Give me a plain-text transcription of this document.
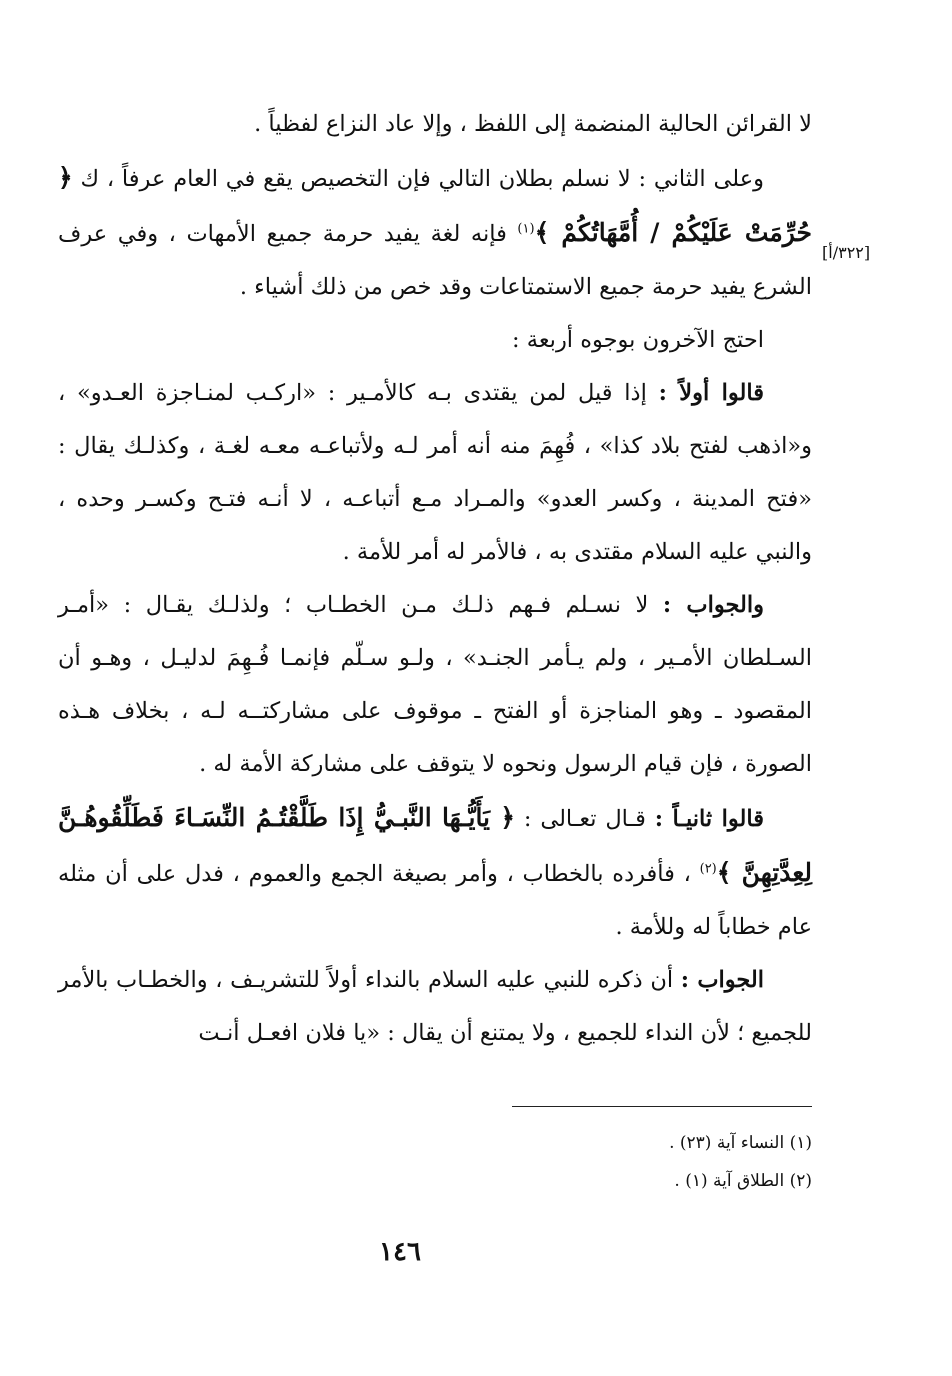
[٣٢٢/أ]

لا القرائن الحالية المنضمة إلى اللفظ ، وإلا عاد النزاع لفظياً .

وعلى الثاني : لا نسلم بطلان التالي فإن التخصيص يقع في العام عرفاً ، ك ﴿ حُرِّمَتْ عَلَيْكُمْ / أُمَّهَاتُكُمْ ﴾$^{(١)}$ فإنه لغة يفيد حرمة جميع الأمهات ، وفي عرف الشرع يفيد حرمة جميع الاستمتاعات وقد خص من ذلك أشياء .

احتج الآخرون بوجوه أربعة :

قالوا أولاً : إذا قيل لمن يقتدى بـه كالأمـير : «اركـب لمنـاجزة العـدو» ، و«اذهب لفتح بلاد كذا» ، فُهِمَ منه أنه أمر لـه ولأتباعـه معـه لغـة ، وكذلـك يقال : «فتح المدينة ، وكسر العدو» والمـراد مـع أتباعـه ، لا أنـه فتـح وكسـر وحده ، والنبي عليه السلام مقتدى به ، فالأمر له أمر للأمة .

والجواب : لا نسـلم فـهم ذلـك مـن الخطـاب ؛ ولذلـك يقـال : «أمـر السـلطان الأمـير ، ولم يـأمر الجنـد» ، ولـو سـلّم فإنمـا فُـهِمَ لدليـل ، وهـو أن المقصود ـ وهو المناجزة أو الفتح ـ موقوف على مشاركتــه لـه ، بخلاف هـذه الصورة ، فإن قيام الرسول ونحوه لا يتوقف على مشاركة الأمة له .

قالوا ثانيـاً : قـال تعـالى : ﴿ يَأَيُّـهَا النَّبـيُّ إِذَا طَلَّقْتُـمُ النِّسَـاءَ فَطَلِّقُوهُـنَّ لِعِدَّتِهِنَّ ﴾$^{(٢)}$ ، فأفرده بالخطاب ، وأمر بصيغة الجمع والعموم ، فدل على أن مثله عام خطاباً له وللأمة .

الجواب : أن ذكره للنبي عليه السلام بالنداء أولاً للتشريـف ، والخطـاب بالأمر للجميع ؛ لأن النداء للجميع ، ولا يمتنع أن يقال : «يا فلان افعـل أنـت

(١) النساء آية (٢٣) .

(٢) الطلاق آية (١) .

١٤٦
